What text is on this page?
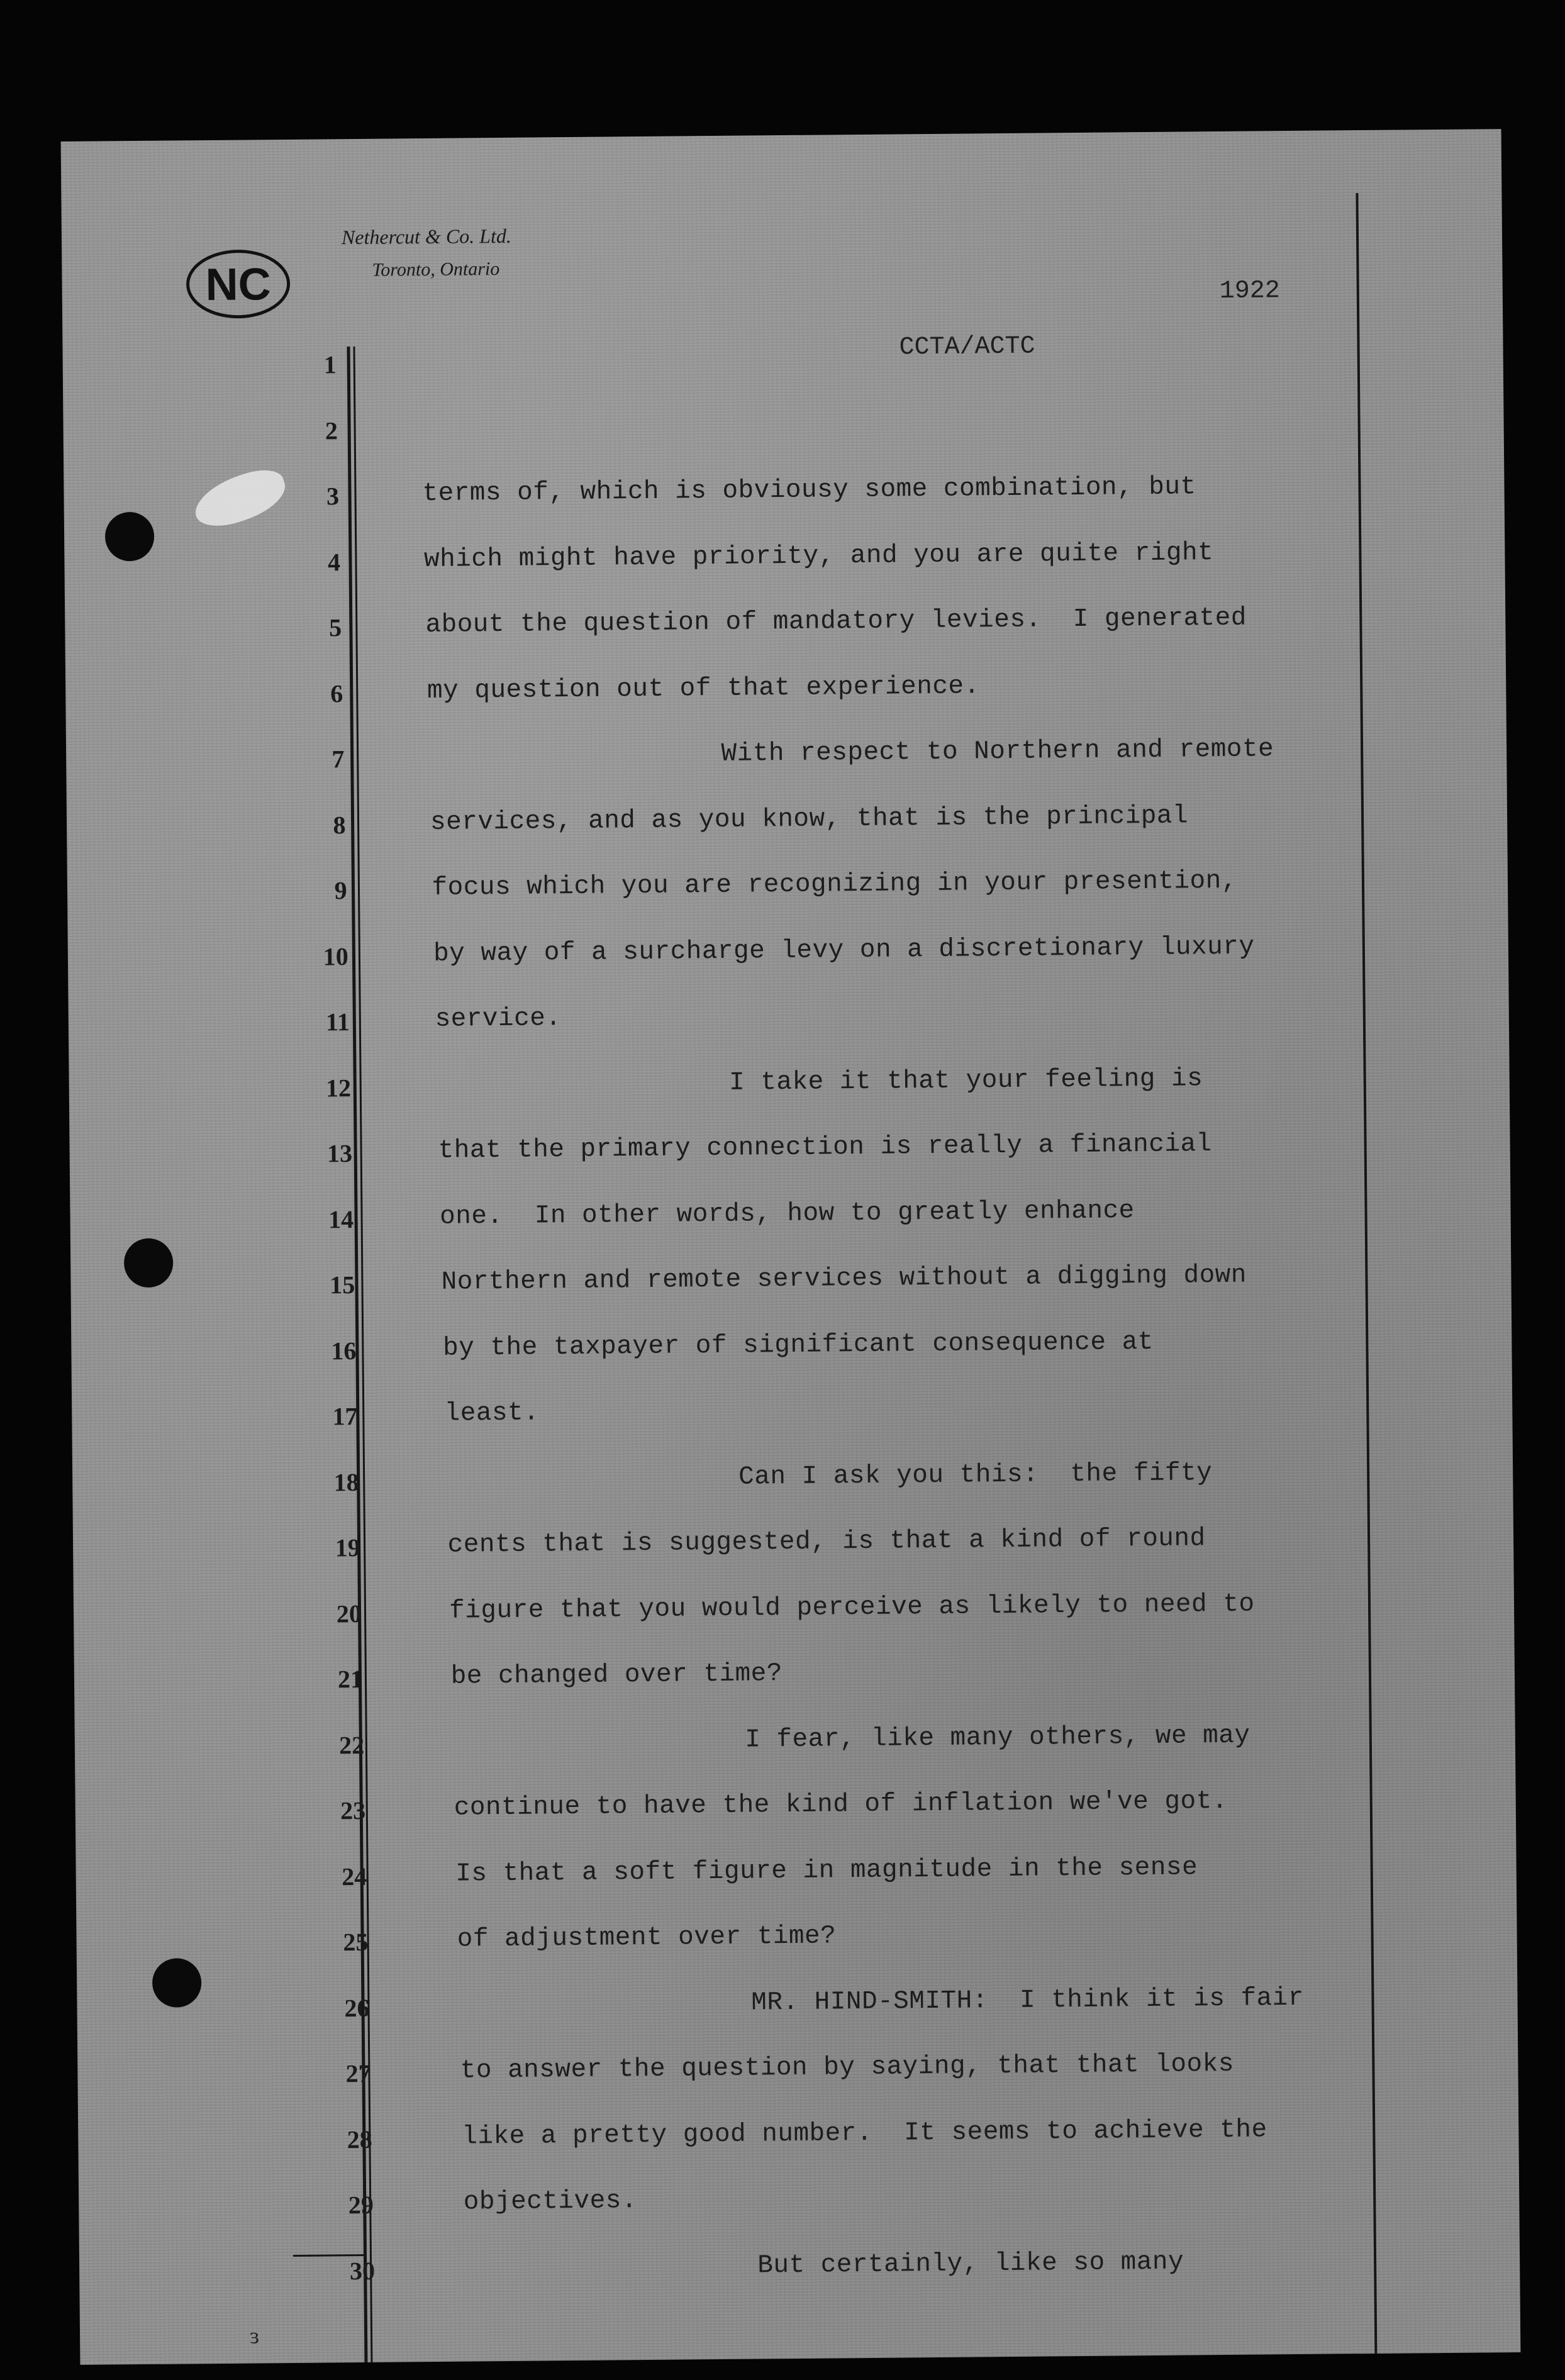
NC
Nethercut & Co. Ltd.
Toronto, Ontario
1922
CCTA/ACTC
1
2
3
4
5
6
7
8
9
10
11
12
13
14
15
16
17
18
19
20
21
22
23
24
25
26
27
28
29
30
terms of, which is obviousy some combination, but
which might have priority, and you are quite right
about the question of mandatory levies.  I generated
my question out of that experience.
With respect to Northern and remote
services, and as you know, that is the principal
focus which you are recognizing in your presention,
by way of a surcharge levy on a discretionary luxury
service.
I take it that your feeling is
that the primary connection is really a financial
one.  In other words, how to greatly enhance
Northern and remote services without a digging down
by the taxpayer of significant consequence at
least.
Can I ask you this:  the fifty
cents that is suggested, is that a kind of round
figure that you would perceive as likely to need to
be changed over time?
I fear, like many others, we may
continue to have the kind of inflation we've got.
Is that a soft figure in magnitude in the sense
of adjustment over time?
MR. HIND-SMITH:  I think it is fair
to answer the question by saying, that that looks
like a pretty good number.  It seems to achieve the
objectives.
But certainly, like so many
ɜ
